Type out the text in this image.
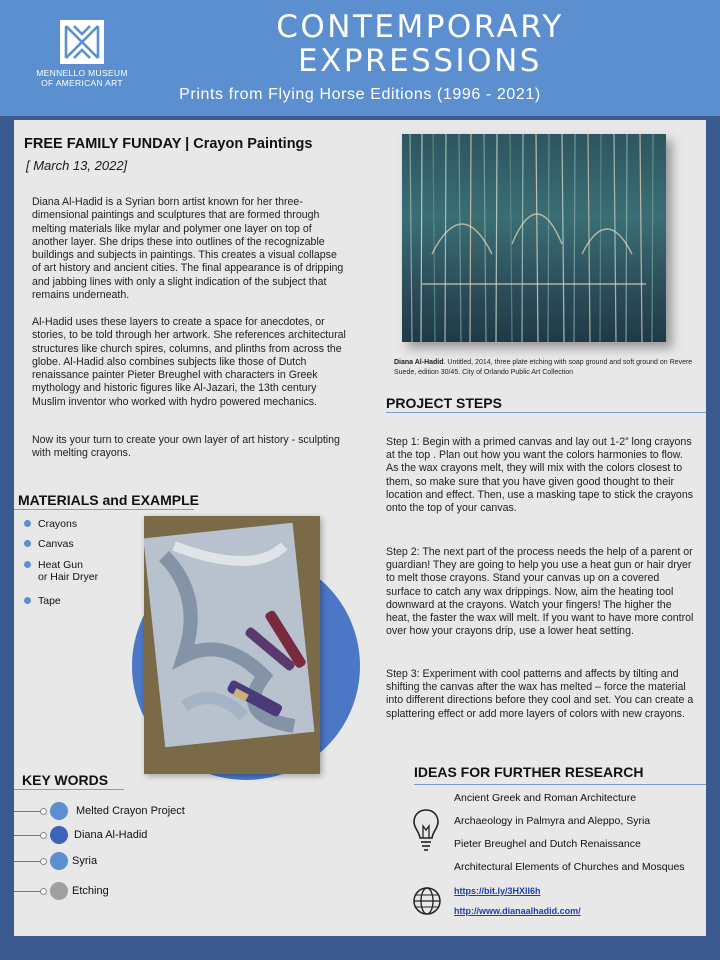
MENNELLO MUSEUM
OF AMERICAN ART
CONTEMPORARY
EXPRESSIONS
Prints from Flying Horse Editions (1996 - 2021)
FREE FAMILY FUNDAY | Crayon Paintings
[ March 13, 2022]
Diana Al-Hadid is a Syrian born artist known for her three-dimensional paintings and sculptures that are formed through melting materials like mylar and polymer one layer on top of another layer. She drips these into outlines of the recognizable buildings and subjects in paintings. This creates a visual collapse of art history and ancient cities. The final appearance is of dripping and jabbing lines with only a slight indication of the subject that remains underneath.
Al-Hadid uses these layers to create a space for anecdotes, or stories, to be told through her artwork. She references architectural structures like church spires, columns, and plinths from across the globe. Al-Hadid also combines subjects like those of Dutch renaissance painter Pieter Breughel with characters in Greek mythology and historic figures like Al-Jazari, the 13th century Muslim inventor who worked with hydro powered mechanics.
Now its your turn to create your own layer of art history - sculpting with melting crayons.
Diana Al-Hadid. Untitled, 2014, three plate etching with soap ground and soft ground on Revere Suede, edition 30/45. City of Orlando Public Art Collection
PROJECT STEPS
Step 1: Begin with a primed canvas and lay out 1-2” long crayons at the top . Plan out how you want the colors harmonies to flow. As the wax crayons melt, they will mix with the colors closest to them, so make sure that you have given good thought to their location and effect. Then, use a masking tape to stick the crayons onto the top of your canvas.
Step 2: The next part of the process needs the help of a parent or guardian! They are going to help you use a heat gun or hair dryer to melt those crayons. Stand your canvas up on a covered surface to catch any wax drippings. Now, aim the heating tool downward at the crayons. Watch your fingers! The higher the heat, the faster the wax will melt. If you want to have more control over how your crayons drip, use a lower heat setting.
Step 3: Experiment with cool patterns and affects by tilting and shifting the canvas after the wax has melted – force the material into different directions before they cool and set. You can create a splattering effect or add more layers of colors with new crayons.
MATERIALS and EXAMPLE
Crayons
Canvas
Heat Gun
or Hair Dryer
Tape
KEY WORDS
Melted Crayon Project
Diana Al-Hadid
Syria
Etching
IDEAS FOR FURTHER RESEARCH
Ancient Greek and Roman Architecture
Archaeology in Palmyra and Aleppo, Syria
Pieter Breughel and Dutch Renaissance
Architectural Elements of Churches and Mosques
https://bit.ly/3HXll6h
http://www.dianaalhadid.com/
